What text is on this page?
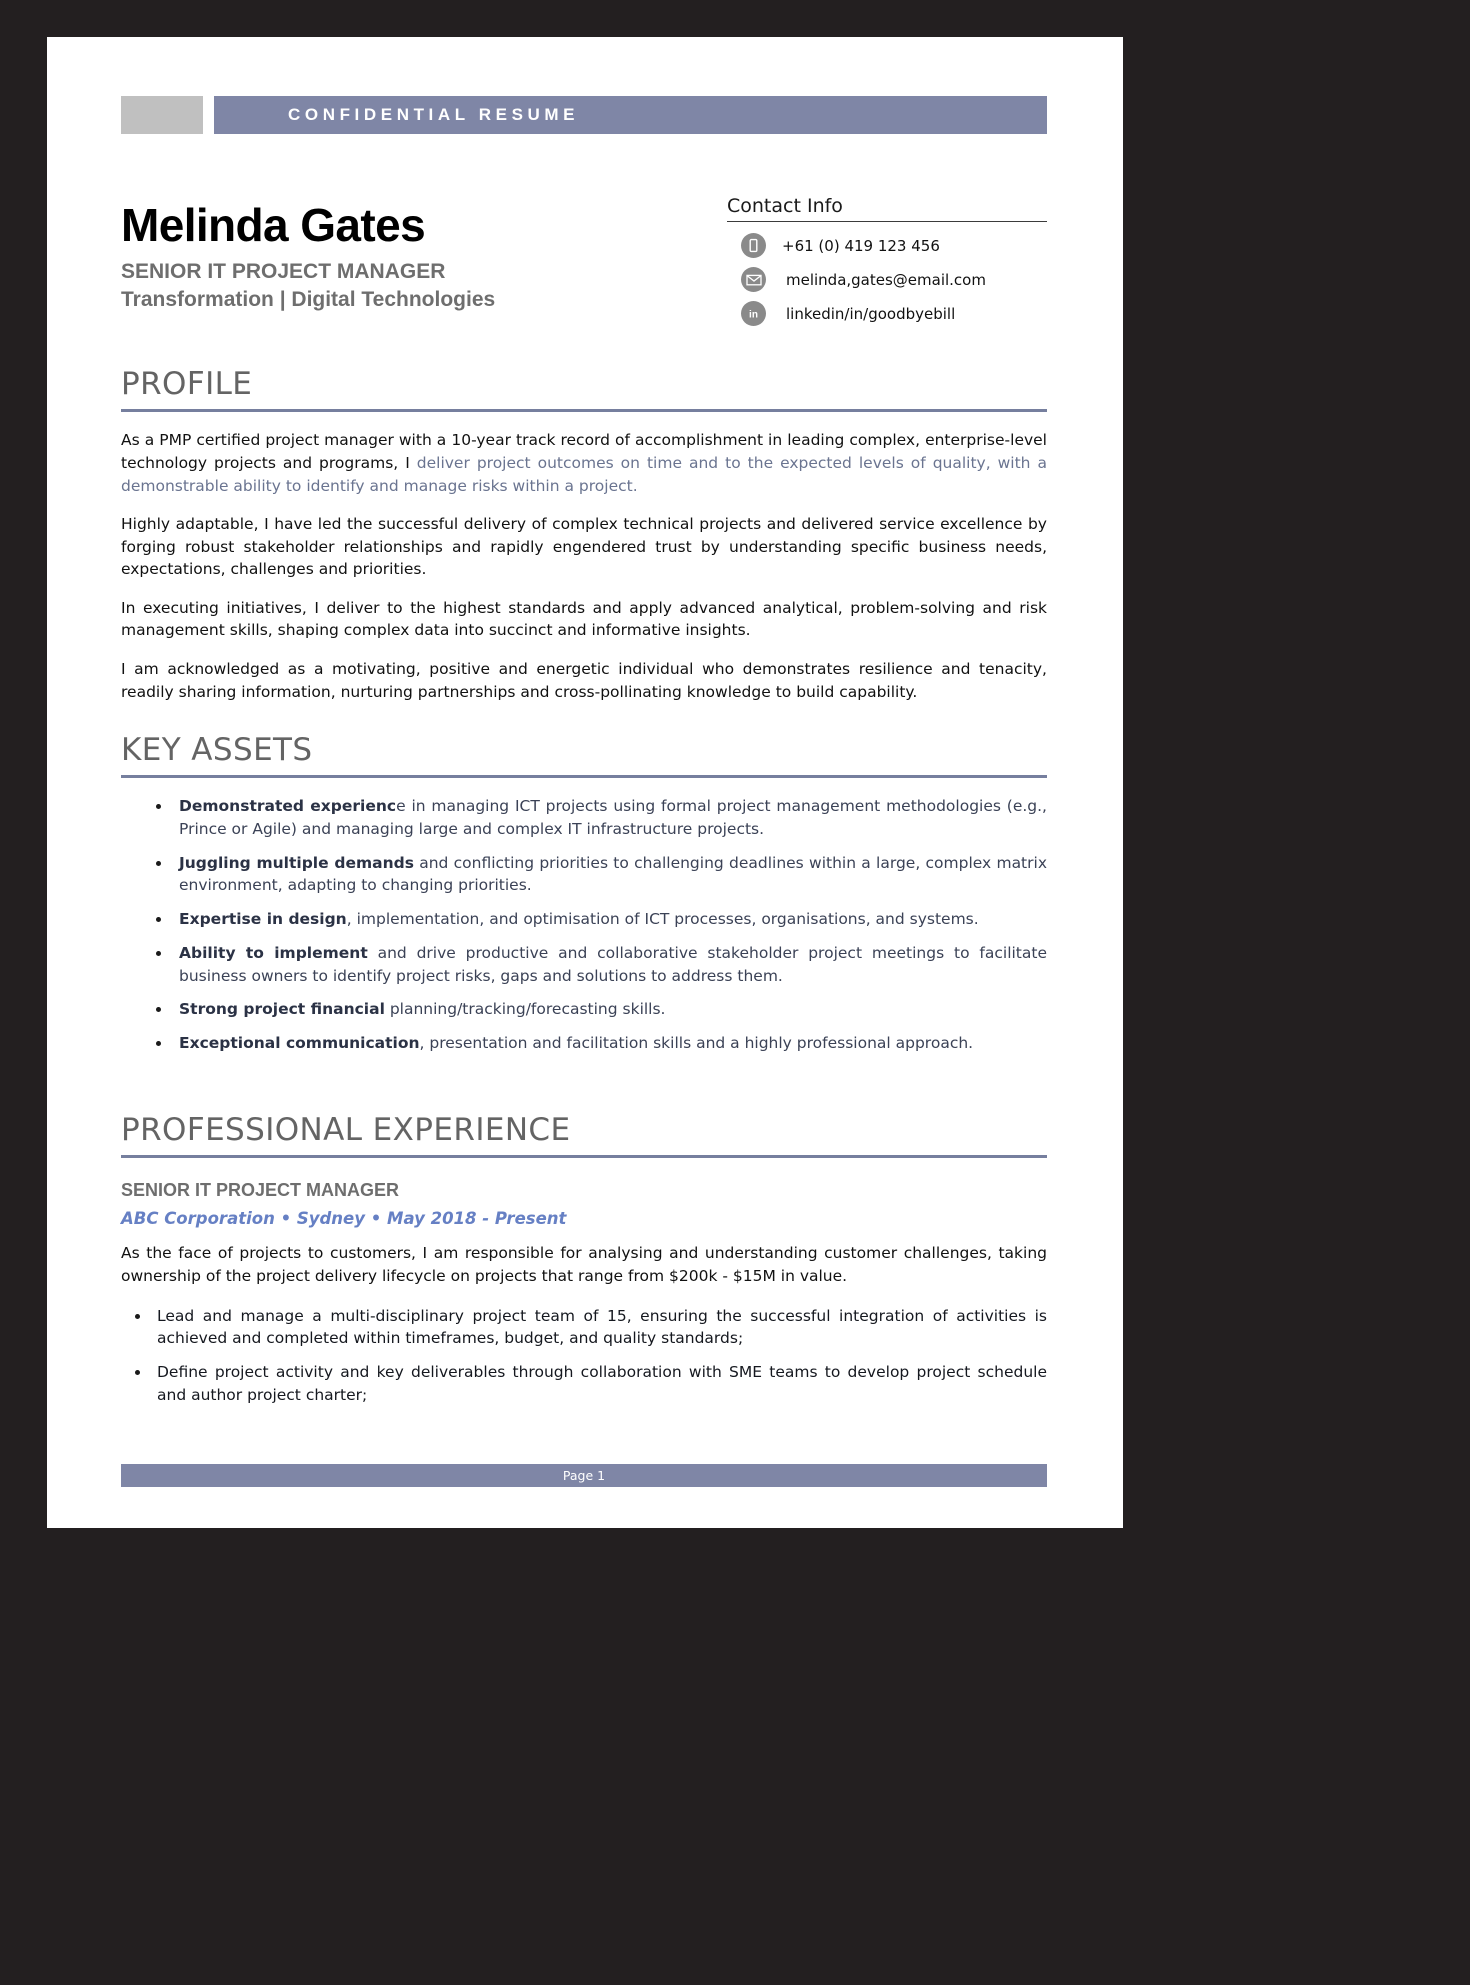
CONFIDENTIAL RESUME
Melinda Gates
SENIOR IT PROJECT MANAGER
Transformation | Digital Technologies
Contact Info
+61 (0) 419 123 456
melinda,gates@email.com
in linkedin/in/goodbyebill
PROFILE

As a PMP certified project manager with a 10-year track record of accomplishment in leading complex, enterprise-level technology projects and programs, I deliver project outcomes on time and to the expected levels of quality, with a demonstrable ability to identify and manage risks within a project.

Highly adaptable, I have led the successful delivery of complex technical projects and delivered service excellence by forging robust stakeholder relationships and rapidly engendered trust by understanding specific business needs, expectations, challenges and priorities.

In executing initiatives, I deliver to the highest standards and apply advanced analytical, problem-solving and risk management skills, shaping complex data into succinct and informative insights.

I am acknowledged as a motivating, positive and energetic individual who demonstrates resilience and tenacity, readily sharing information, nurturing partnerships and cross-pollinating knowledge to build capability.

KEY ASSETS
Demonstrated experience in managing ICT projects using formal project management methodologies (e.g., Prince or Agile) and managing large and complex IT infrastructure projects.
Juggling multiple demands and conflicting priorities to challenging deadlines within a large, complex matrix environment, adapting to changing priorities.
Expertise in design, implementation, and optimisation of ICT processes, organisations, and systems.
Ability to implement and drive productive and collaborative stakeholder project meetings to facilitate business owners to identify project risks, gaps and solutions to address them.
Strong project financial planning/tracking/forecasting skills.
Exceptional communication, presentation and facilitation skills and a highly professional approach.
PROFESSIONAL EXPERIENCE
SENIOR IT PROJECT MANAGER
ABC Corporation • Sydney • May 2018 - Present

As the face of projects to customers, I am responsible for analysing and understanding customer challenges, taking ownership of the project delivery lifecycle on projects that range from $200k - $15M in value.

Lead and manage a multi-disciplinary project team of 15, ensuring the successful integration of activities is achieved and completed within timeframes, budget, and quality standards;
Define project activity and key deliverables through collaboration with SME teams to develop project schedule and author project charter;
Page 1
